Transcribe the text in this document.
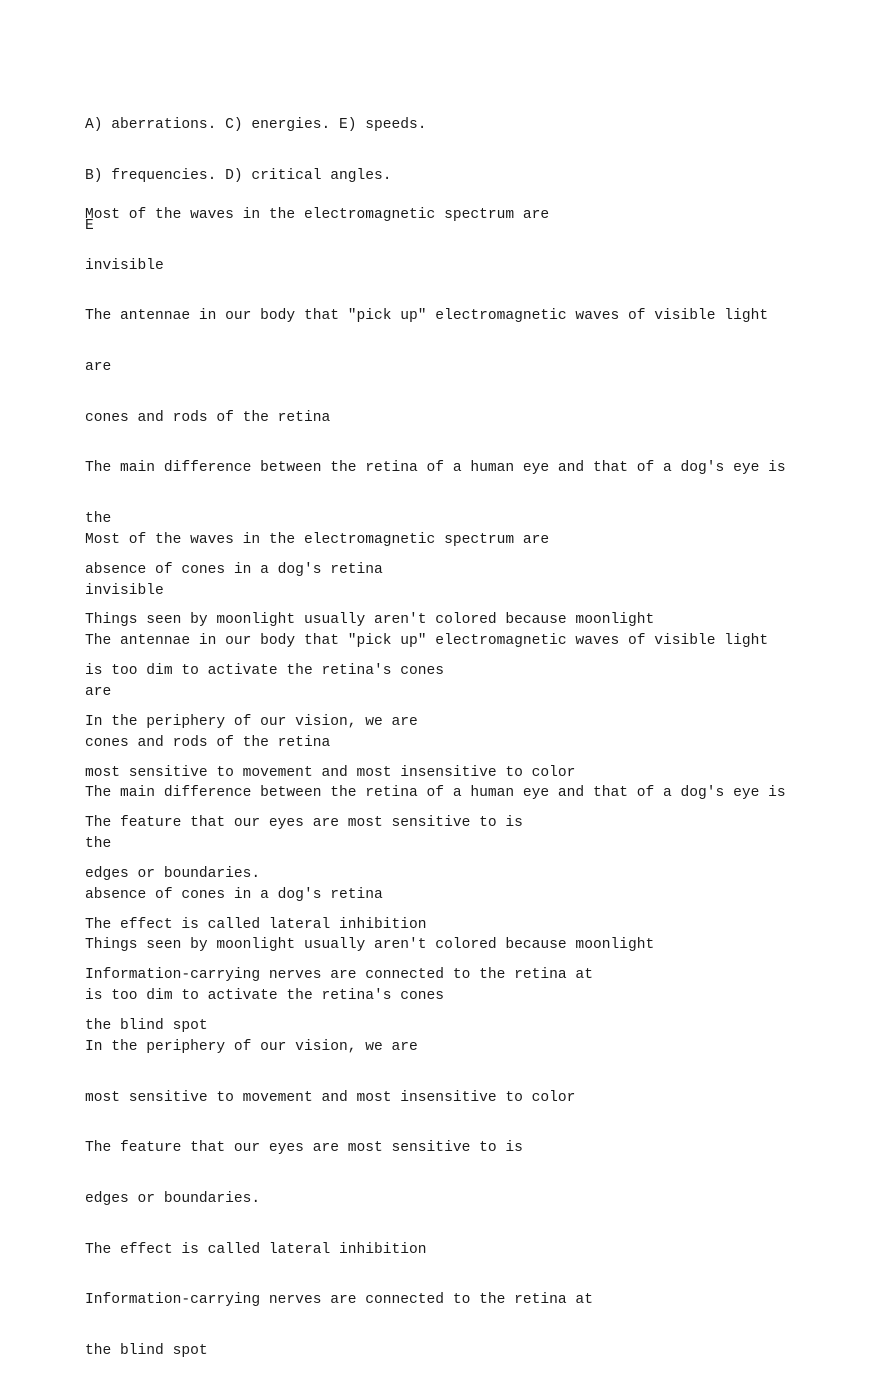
A) aberrations. C) energies. E) speeds.

B) frequencies. D) critical angles.

E

Most of the waves in the electromagnetic spectrum are

invisible

The antennae in our body that "pick up" electromagnetic waves of visible light

are

cones and rods of the retina

The main difference between the retina of a human eye and that of a dog's eye is

the

absence of cones in a dog's retina

Things seen by moonlight usually aren't colored because moonlight

is too dim to activate the retina's cones

In the periphery of our vision, we are

most sensitive to movement and most insensitive to color

The feature that our eyes are most sensitive to is

edges or boundaries.

The effect is called lateral inhibition

Information-carrying nerves are connected to the retina at

the blind spot

Most of the waves in the electromagnetic spectrum are

invisible

The antennae in our body that "pick up" electromagnetic waves of visible light

are

cones and rods of the retina

The main difference between the retina of a human eye and that of a dog's eye is

the

absence of cones in a dog's retina

Things seen by moonlight usually aren't colored because moonlight

is too dim to activate the retina's cones

In the periphery of our vision, we are

most sensitive to movement and most insensitive to color

The feature that our eyes are most sensitive to is

edges or boundaries.

The effect is called lateral inhibition

Information-carrying nerves are connected to the retina at

the blind spot
